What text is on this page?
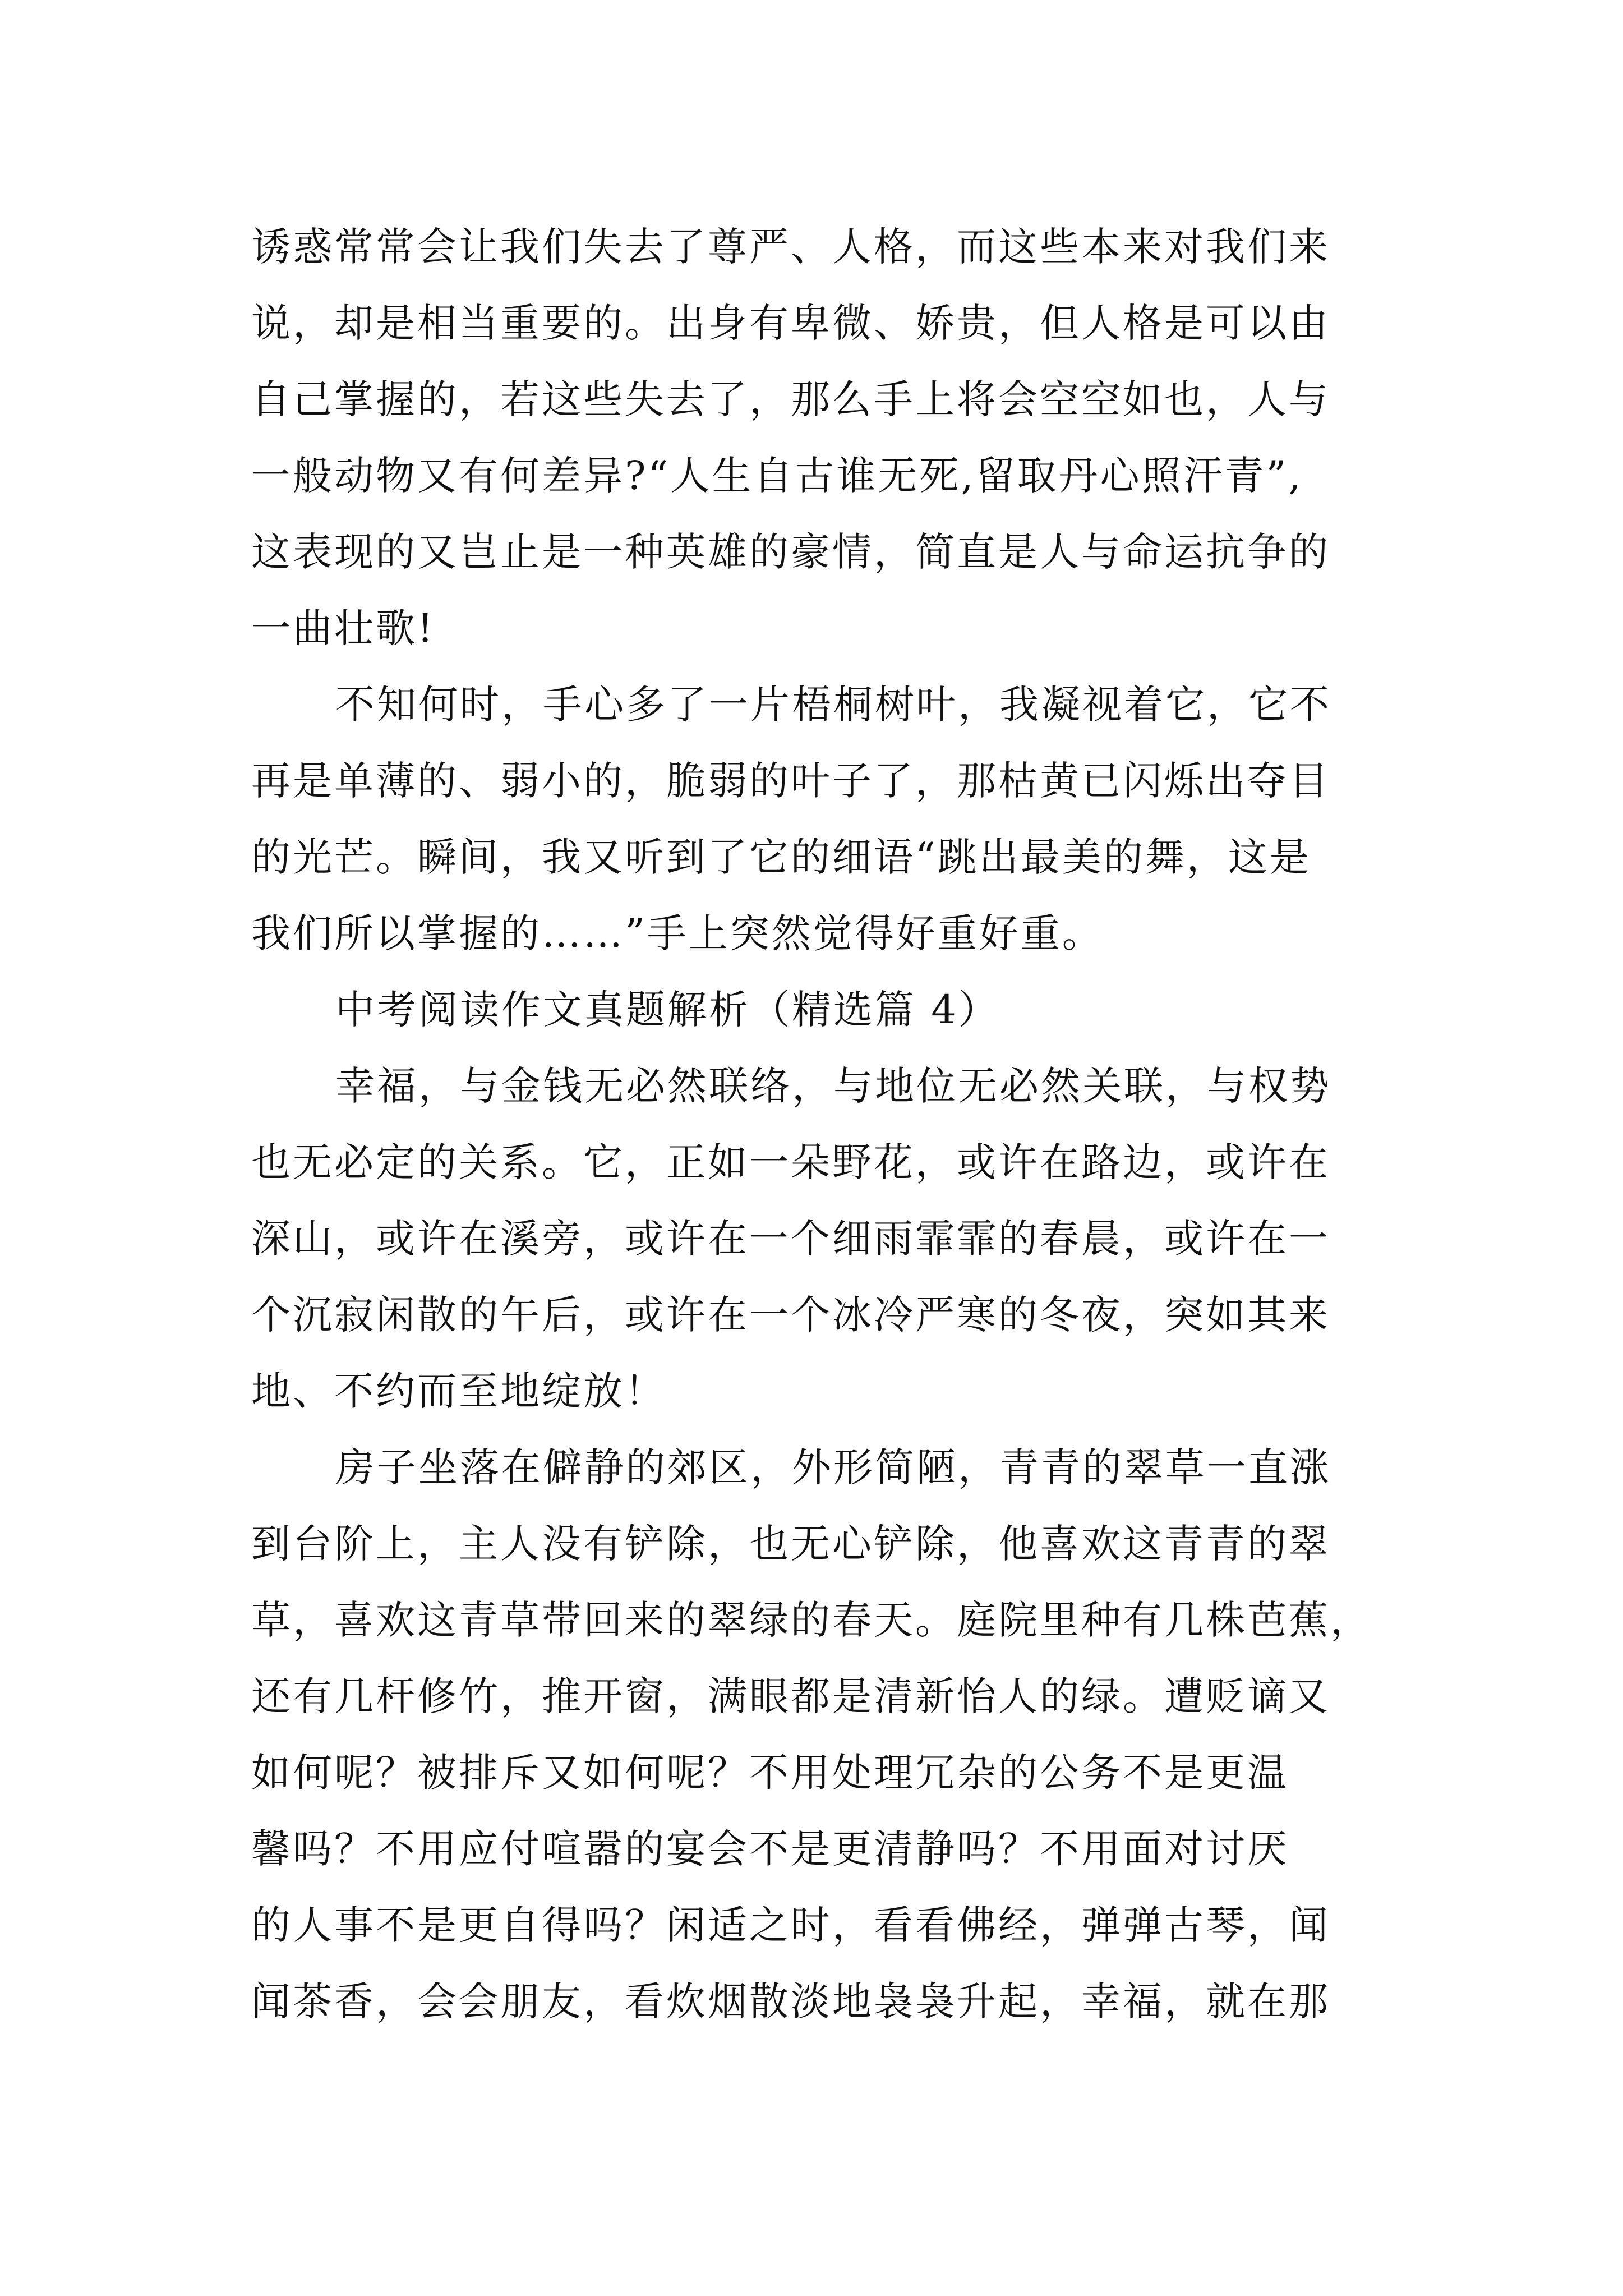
诱惑常常会让我们失去了尊严、人格，而这些本来对我们来
说，却是相当重要的。出身有卑微、娇贵，但人格是可以由
自己掌握的，若这些失去了，那么手上将会空空如也，人与
一般动物又有何差异?“人生自古谁无死,留取丹心照汗青”,
这表现的又岂止是一种英雄的豪情，简直是人与命运抗争的
一曲壮歌!
不知何时，手心多了一片梧桐树叶，我凝视着它，它不
再是单薄的、弱小的，脆弱的叶子了，那枯黄已闪烁出夺目
的光芒。瞬间，我又听到了它的细语“跳出最美的舞，这是
我们所以掌握的……”手上突然觉得好重好重。
中考阅读作文真题解析（精选篇 4）
幸福，与金钱无必然联络，与地位无必然关联，与权势
也无必定的关系。它，正如一朵野花，或许在路边，或许在
深山，或许在溪旁，或许在一个细雨霏霏的春晨，或许在一
个沉寂闲散的午后，或许在一个冰冷严寒的冬夜，突如其来
地、不约而至地绽放！
房子坐落在僻静的郊区，外形简陋，青青的翠草一直涨
到台阶上，主人没有铲除，也无心铲除，他喜欢这青青的翠
草，喜欢这青草带回来的翠绿的春天。庭院里种有几株芭蕉，
还有几杆修竹，推开窗，满眼都是清新怡人的绿。遭贬谪又
如何呢？被排斥又如何呢？不用处理冗杂的公务不是更温
馨吗？不用应付喧嚣的宴会不是更清静吗？不用面对讨厌
的人事不是更自得吗？闲适之时，看看佛经，弹弹古琴，闻
闻茶香，会会朋友，看炊烟散淡地袅袅升起，幸福，就在那
